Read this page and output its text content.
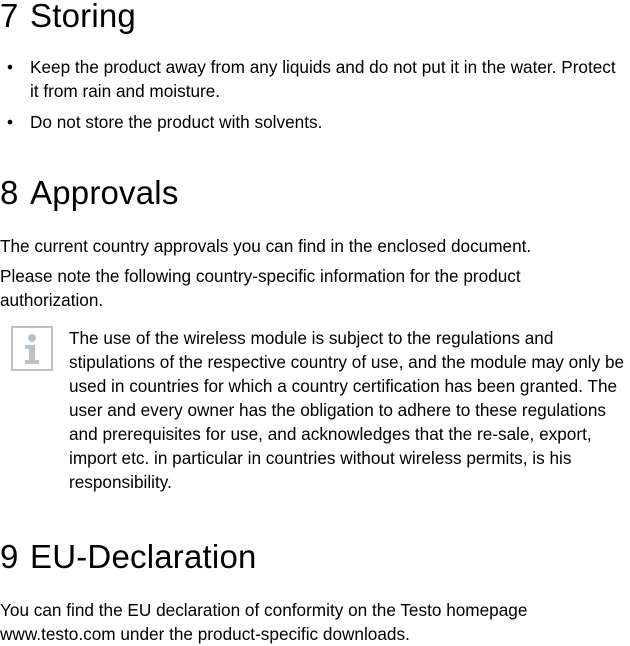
7 Storing
• Keep the product away from any liquids and do not put it in the water. Protect it from rain and moisture.
• Do not store the product with solvents.
8 Approvals

The current country approvals you can find in the enclosed document.

Please note the following country-specific information for the product authorization.

The use of the wireless module is subject to the regulations and stipulations of the respective country of use, and the module may only be used in countries for which a country certification has been granted. The user and every owner has the obligation to adhere to these regulations and prerequisites for use, and acknowledges that the re-sale, export, import etc. in particular in countries without wireless permits, is his responsibility.
9 EU-Declaration

You can find the EU declaration of conformity on the Testo homepage www.testo.com under the product-specific downloads.
